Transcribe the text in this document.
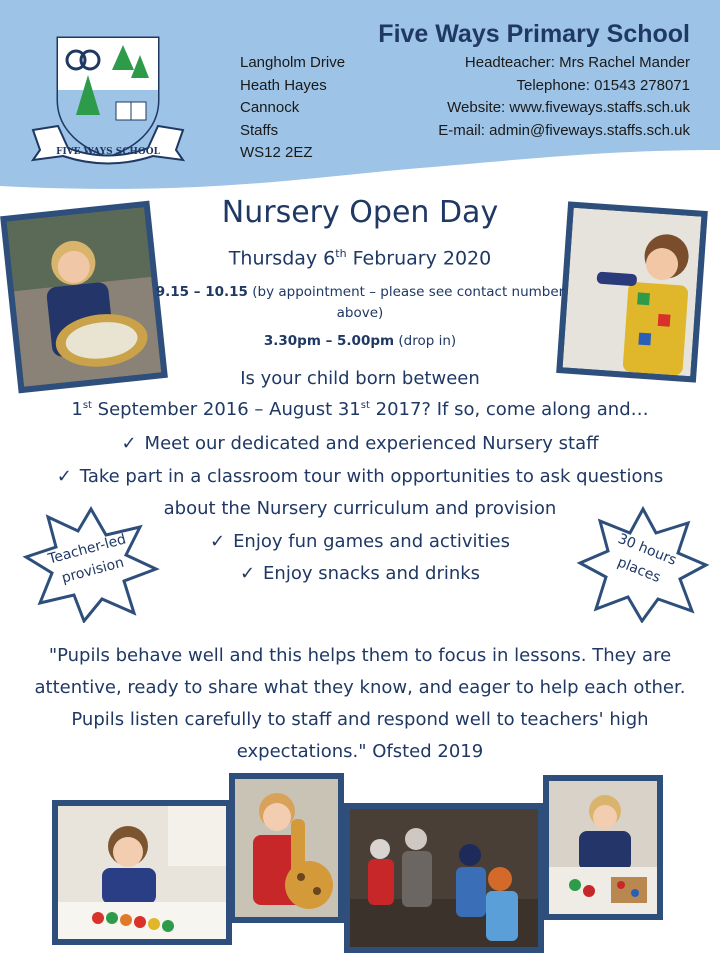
FIVE WAYS SCHOOL
Langholm Drive
Heath Hayes
Cannock
Staffs
WS12 2EZ
Five Ways Primary School
Headteacher: Mrs Rachel Mander
Telephone: 01543 278071
Website: www.fiveways.staffs.sch.uk
E-mail: admin@fiveways.staffs.sch.uk
Nursery Open Day
Thursday 6th February 2020
9.15 – 10.15 (by appointment – please see contact number above)
3.30pm – 5.00pm (drop in)
Is your child born between
1st September 2016 – August 31st 2017? If so, come along and…
✓ Meet our dedicated and experienced Nursery staff
✓ Take part in a classroom tour with opportunities to ask questions
about the Nursery curriculum and provision
✓ Enjoy fun games and activities
✓ Enjoy snacks and drinks
Teacher-led provision
30 hours places
"Pupils behave well and this helps them to focus in lessons. They are attentive, ready to share what they know, and eager to help each other. Pupils listen carefully to staff and respond well to teachers' high expectations." Ofsted 2019
